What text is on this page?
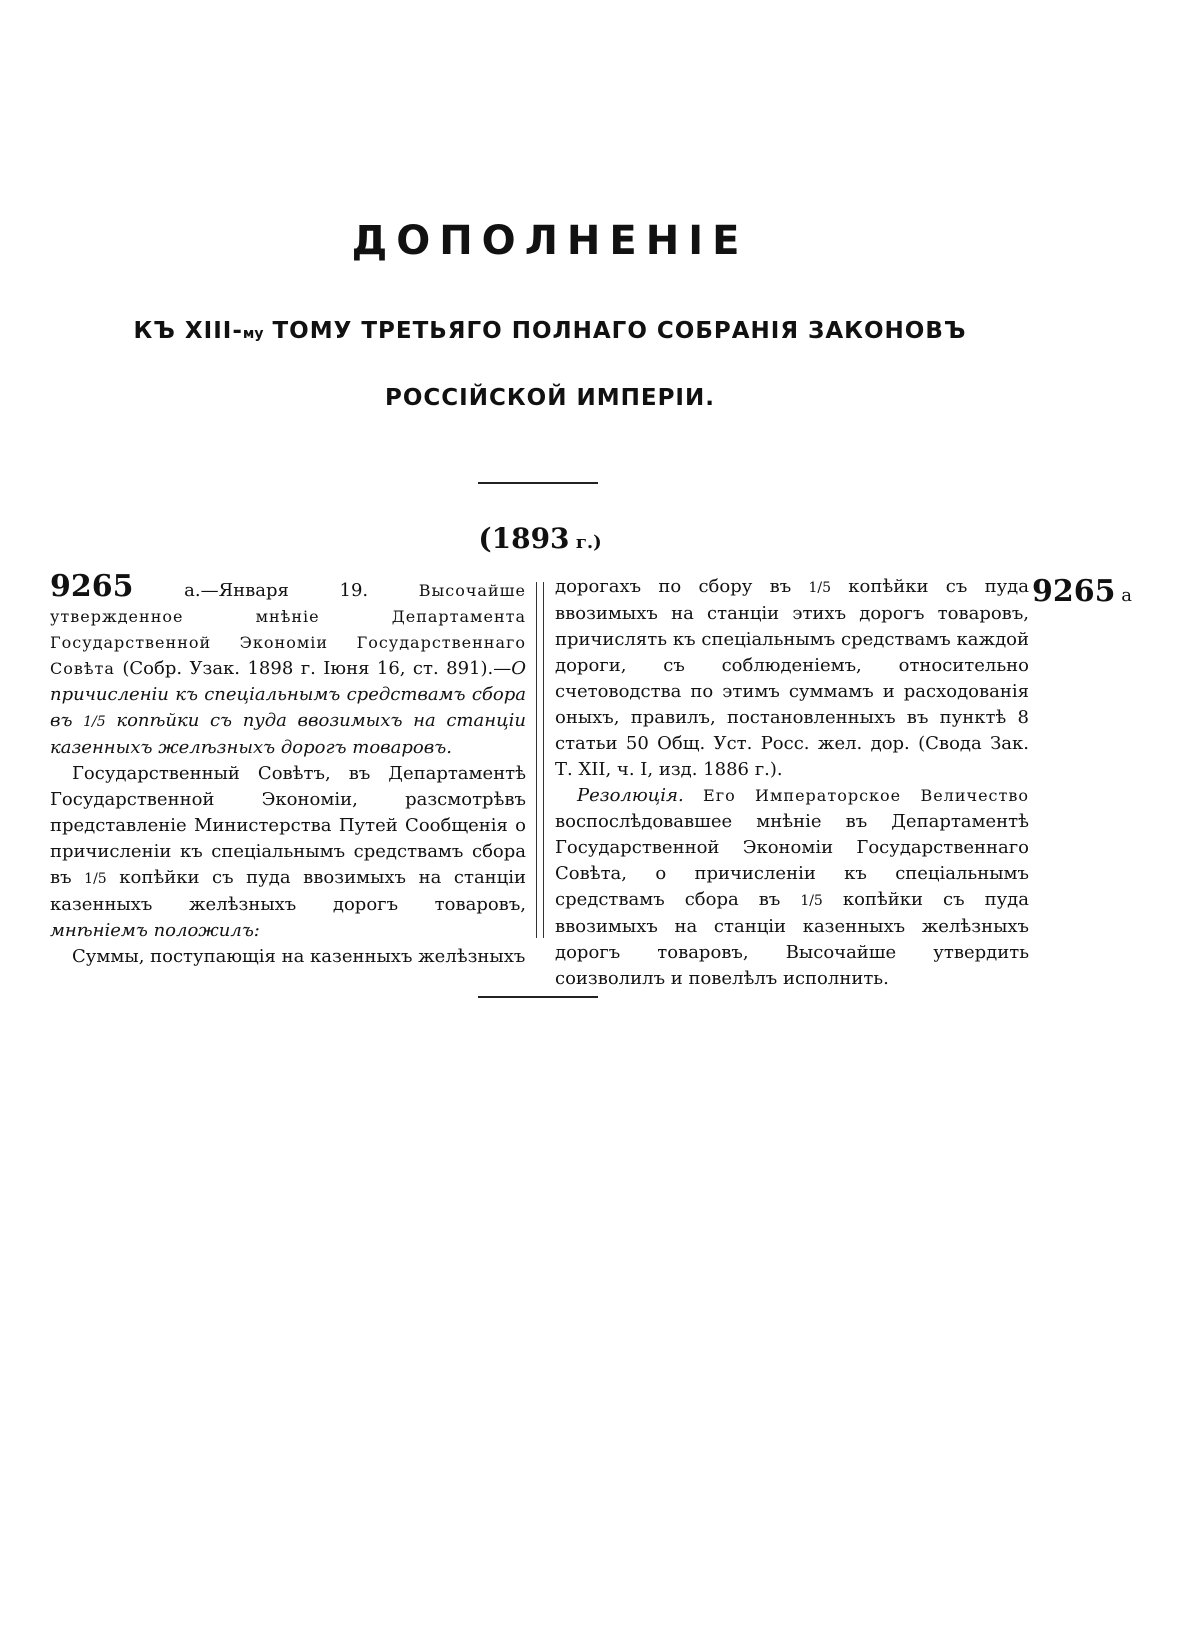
ДОПОЛНЕНІЕ
КЪ XIII-му ТОМУ ТРЕТЬЯГО ПОЛНАГО СОБРАНІЯ ЗАКОНОВЪ
РОССІЙСКОЙ ИМПЕРІИ.
(1893 г.)

9265 а.—Января 19. Высочайше утвержденное мнѣніе Департамента Государственной Экономіи Государственнаго Совѣта (Собр. Узак. 1898 г. Іюня 16, ст. 891).—О причисленіи къ спеціальнымъ средствамъ сбора въ 1/5 копѣйки съ пуда ввозимыхъ на станціи казенныхъ желѣзныхъ дорогъ товаровъ.

Государственный Совѣтъ, въ Департаментѣ Государственной Экономіи, разсмотрѣвъ представленіе Министерства Путей Сообщенія о причисленіи къ спеціальнымъ средствамъ сбора въ 1/5 копѣйки съ пуда ввозимыхъ на станціи казенныхъ желѣзныхъ дорогъ товаровъ, мнѣніемъ положилъ:

Суммы, поступающія на казенныхъ желѣзныхъ

дорогахъ по сбору въ 1/5 копѣйки съ пуда ввозимыхъ на станціи этихъ дорогъ товаровъ, причислять къ спеціальнымъ средствамъ каждой дороги, съ соблюденіемъ, относительно счетоводства по этимъ суммамъ и расходованія оныхъ, правилъ, постановленныхъ въ пунктѣ 8 статьи 50 Общ. Уст. Росс. жел. дор. (Свода Зак. Т. XII, ч. I, изд. 1886 г.).

Резолюція. Его Императорское Величество воспослѣдовавшее мнѣніе въ Департаментѣ Государственной Экономіи Государственнаго Совѣта, о причисленіи къ спеціальнымъ средствамъ сбора въ 1/5 копѣйки съ пуда ввозимыхъ на станціи казенныхъ желѣзныхъ дорогъ товаровъ, Высочайше утвердить соизволилъ и повелѣлъ исполнить.

9265 а
